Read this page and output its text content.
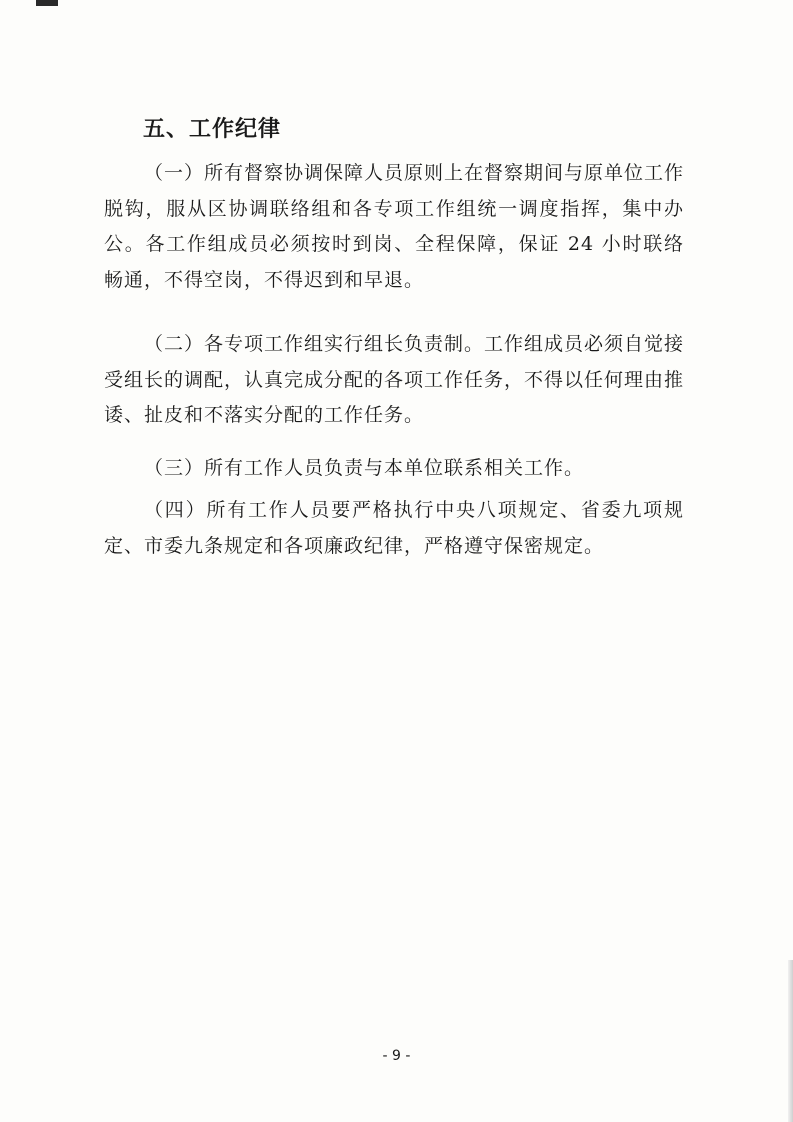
五、工作纪律

（一）所有督察协调保障人员原则上在督察期间与原单位工作脱钩，服从区协调联络组和各专项工作组统一调度指挥，集中办公。各工作组成员必须按时到岗、全程保障，保证 24 小时联络畅通，不得空岗，不得迟到和早退。

（二）各专项工作组实行组长负责制。工作组成员必须自觉接受组长的调配，认真完成分配的各项工作任务，不得以任何理由推诿、扯皮和不落实分配的工作任务。

（三）所有工作人员负责与本单位联系相关工作。

（四）所有工作人员要严格执行中央八项规定、省委九项规定、市委九条规定和各项廉政纪律，严格遵守保密规定。

- 9 -
